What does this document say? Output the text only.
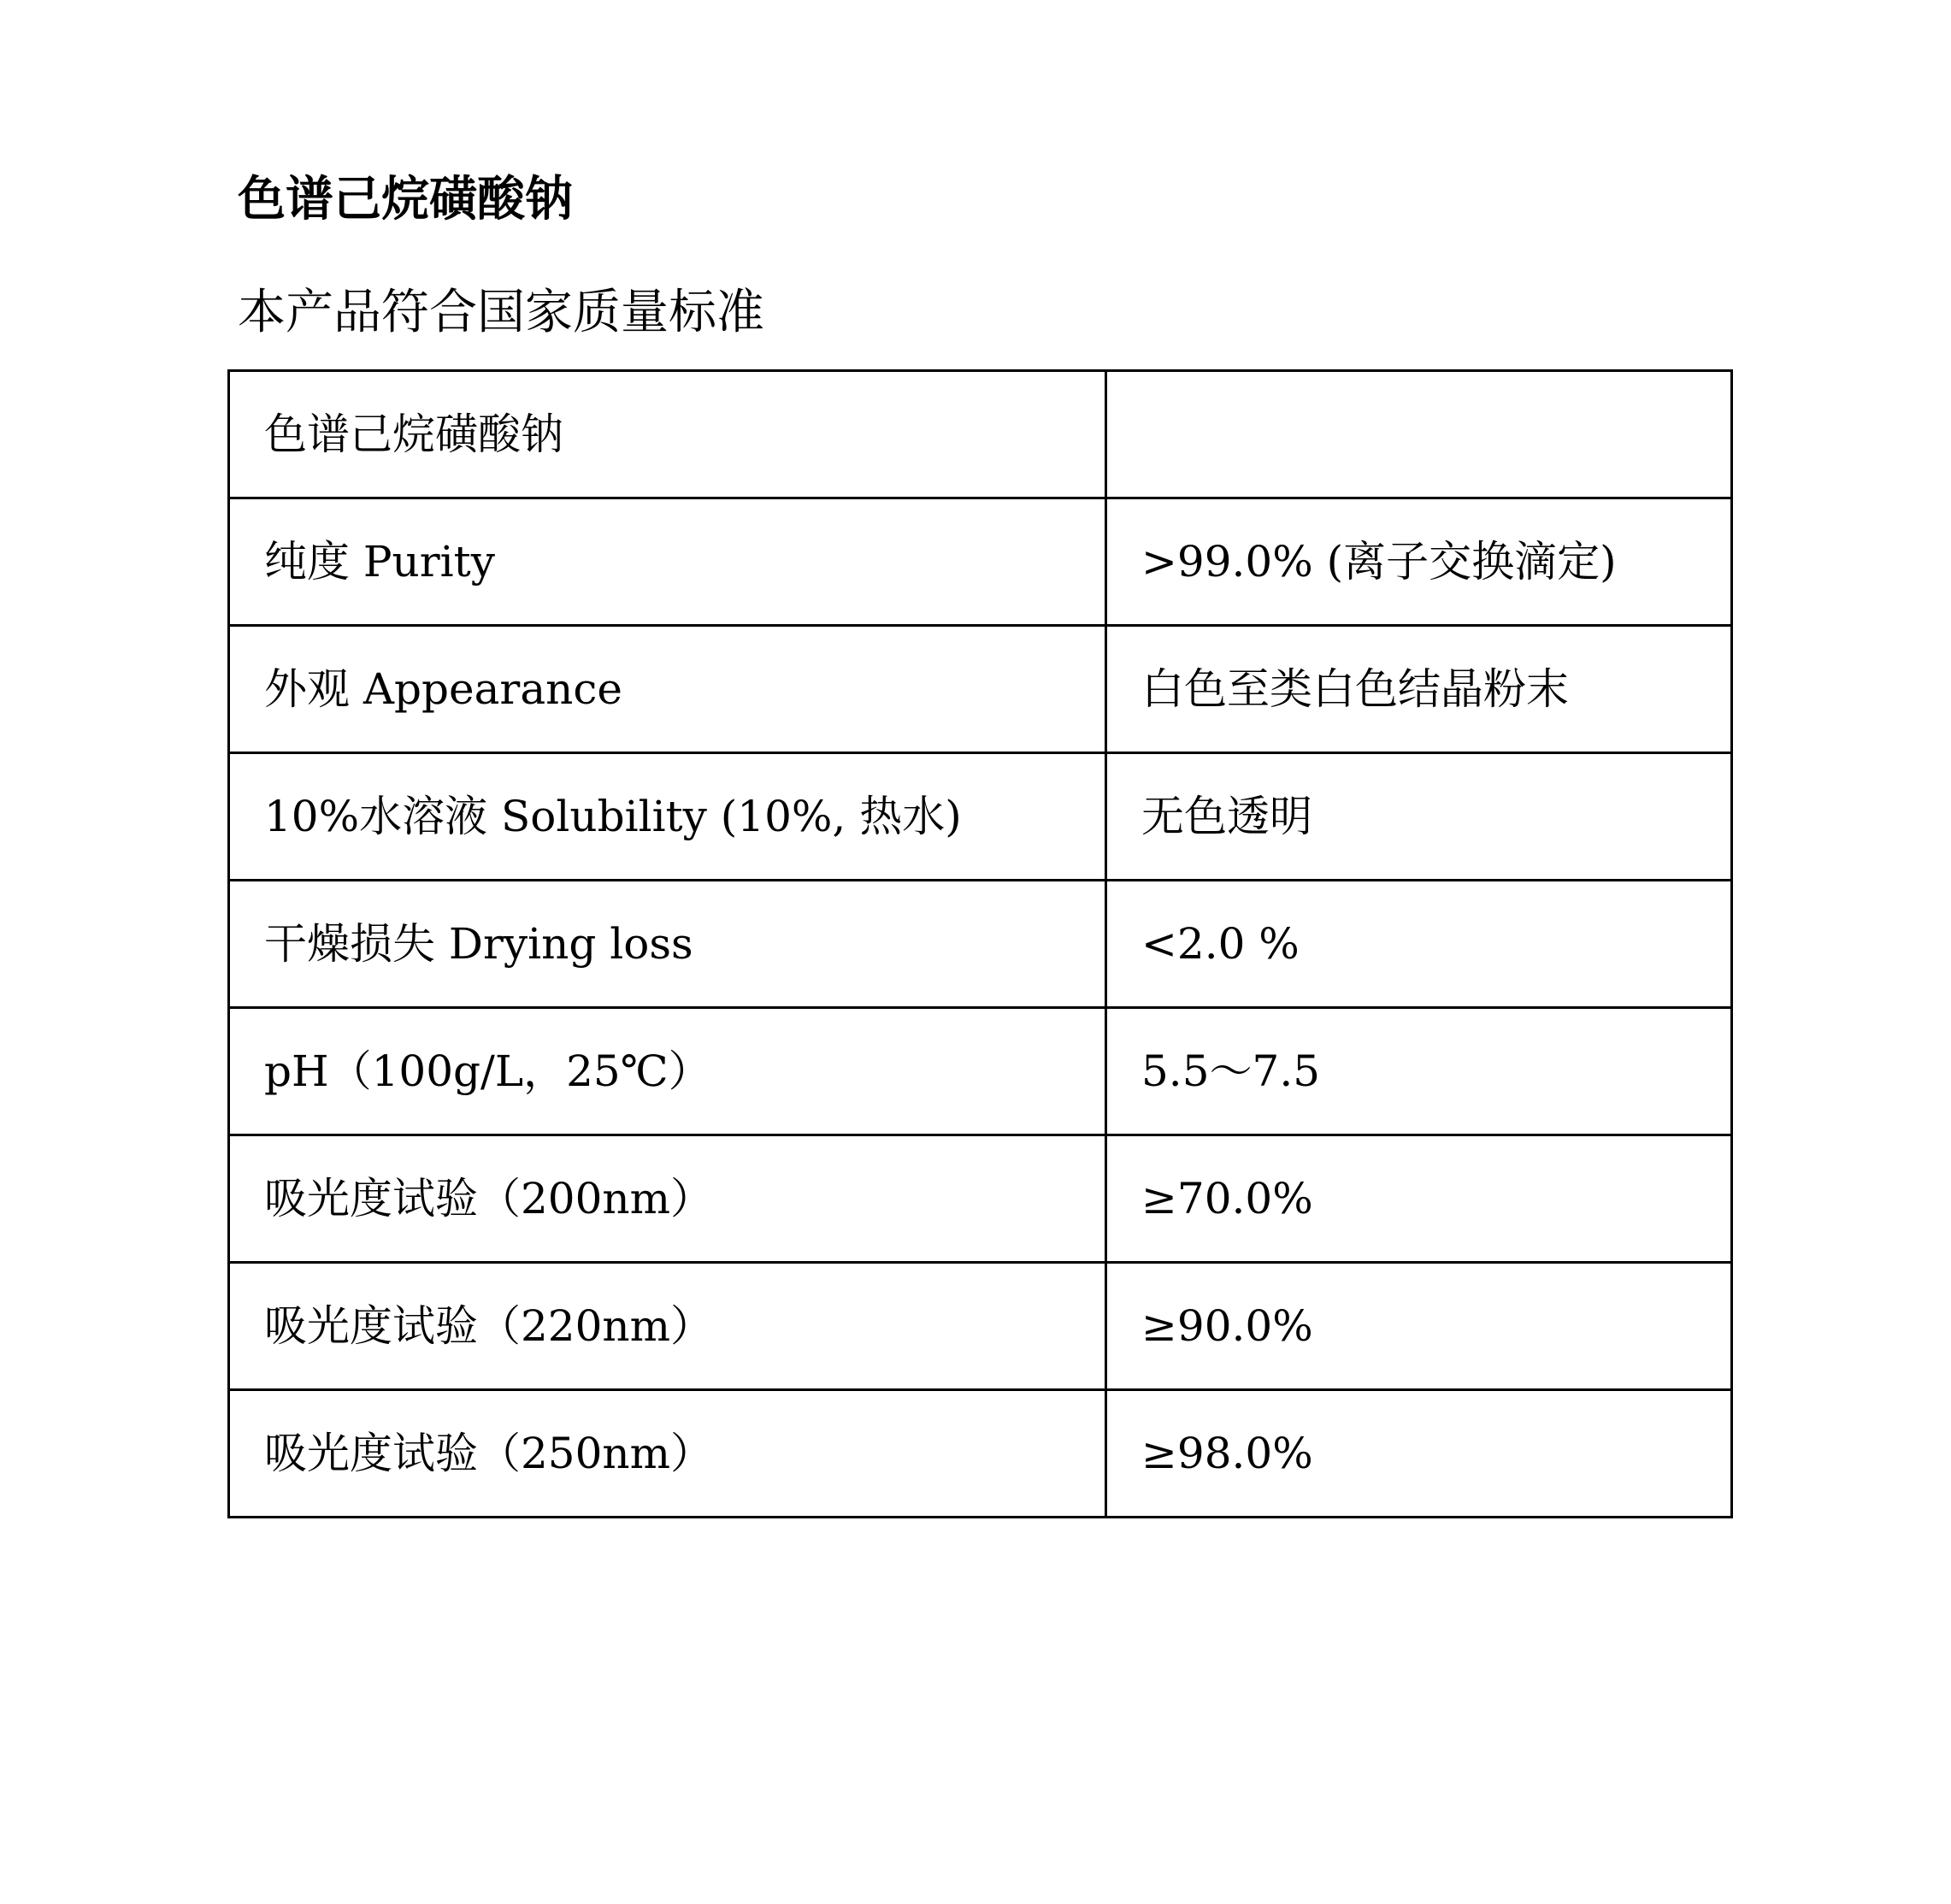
色谱己烷磺酸钠

本产品符合国家质量标准

色谱己烷磺酸钠	
纯度 Purity	>99.0% (离子交换滴定)
外观 Appearance	白色至类白色结晶粉末
10%水溶液 Solubility (10%, 热水)	无色透明
干燥损失 Drying loss	<2.0 %
pH（100g/L，25℃）	5.5～7.5
吸光度试验（200nm）	≥70.0%
吸光度试验（220nm）	≥90.0%
吸光度试验（250nm）	≥98.0%
